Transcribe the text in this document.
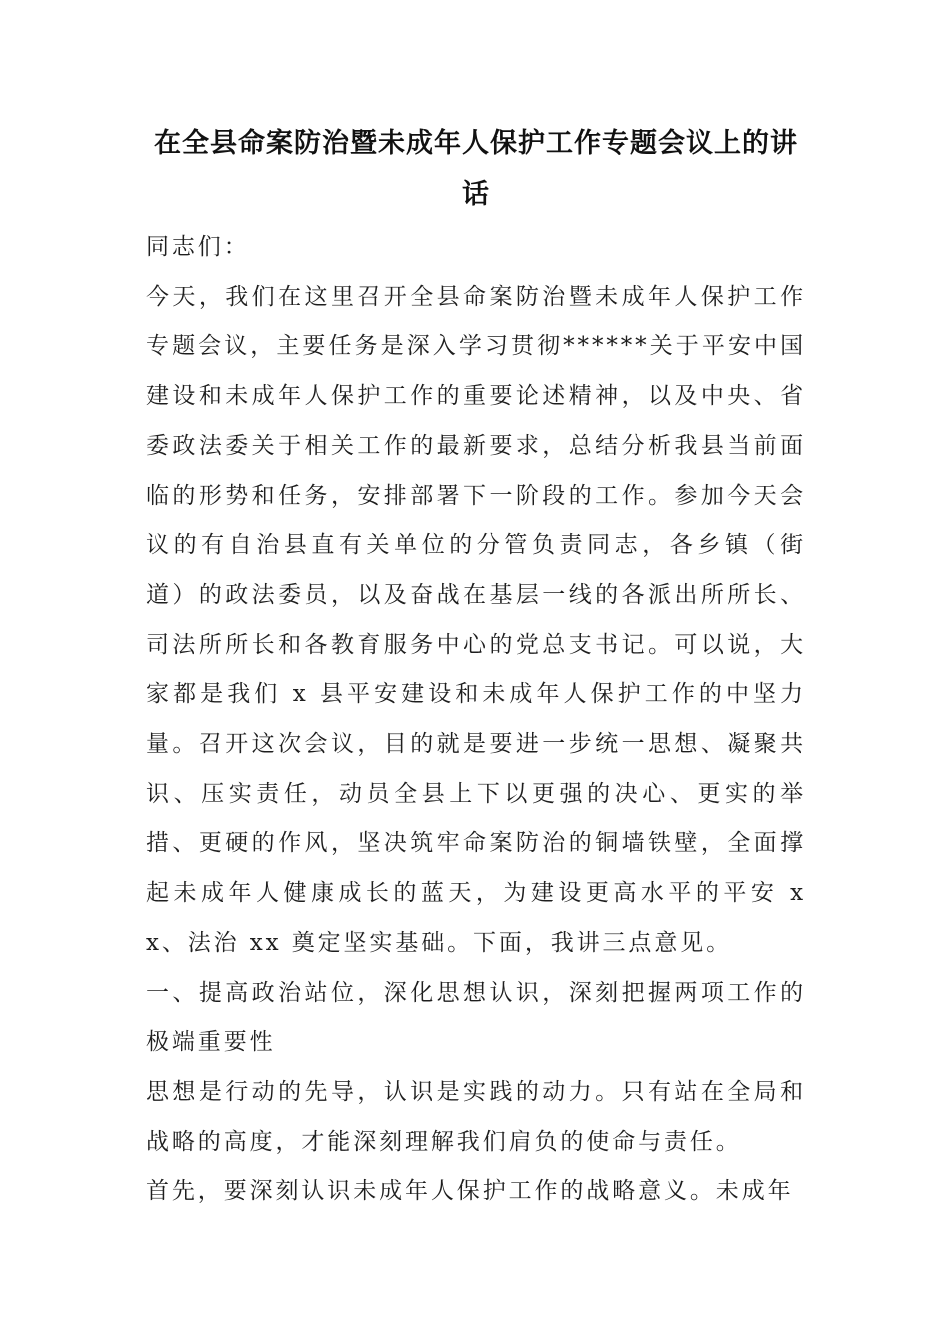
在全县命案防治暨未成年人保护工作专题会议上的讲话

同志们：

今天，我们在这里召开全县命案防治暨未成年人保护工作专题会议，主要任务是深入学习贯彻******关于平安中国建设和未成年人保护工作的重要论述精神，以及中央、省委政法委关于相关工作的最新要求，总结分析我县当前面临的形势和任务，安排部署下一阶段的工作。参加今天会议的有自治县直有关单位的分管负责同志，各乡镇（街道）的政法委员，以及奋战在基层一线的各派出所所长、司法所所长和各教育服务中心的党总支书记。可以说，大家都是我们 x 县平安建设和未成年人保护工作的中坚力量。召开这次会议，目的就是要进一步统一思想、凝聚共识、压实责任，动员全县上下以更强的决心、更实的举措、更硬的作风，坚决筑牢命案防治的铜墙铁壁，全面撑起未成年人健康成长的蓝天，为建设更高水平的平安 xx、法治 xx 奠定坚实基础。下面，我讲三点意见。

一、提高政治站位，深化思想认识，深刻把握两项工作的极端重要性

思想是行动的先导，认识是实践的动力。只有站在全局和战略的高度，才能深刻理解我们肩负的使命与责任。

首先，要深刻认识未成年人保护工作的战略意义。未成年
